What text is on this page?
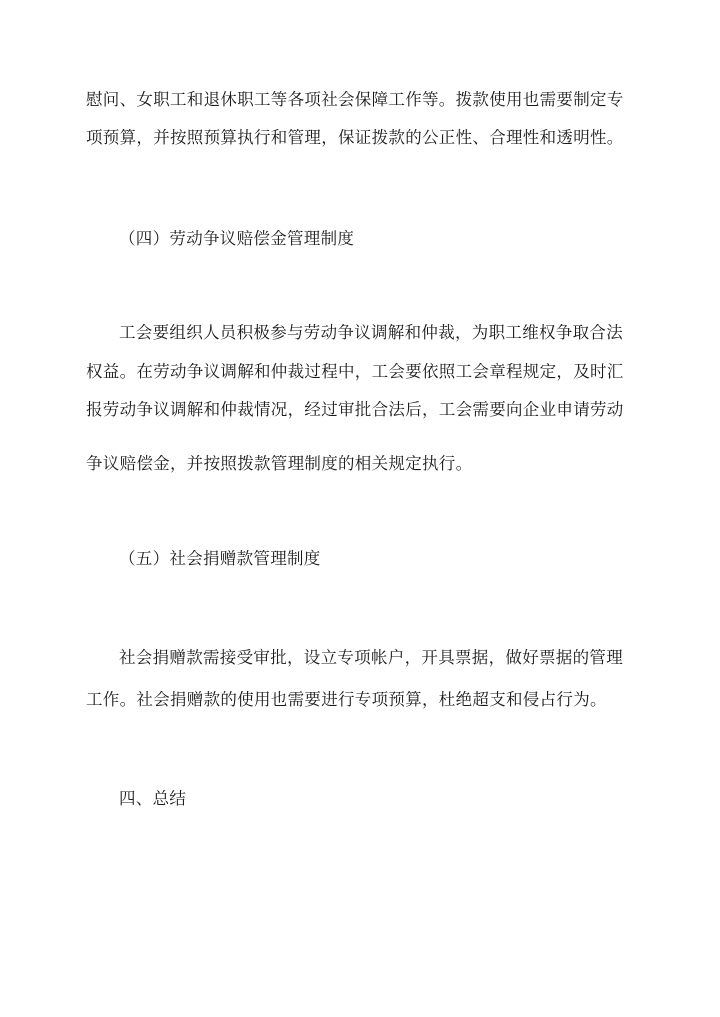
慰问、女职工和退休职工等各项社会保障工作等。拨款使用也需要制定专
项预算，并按照预算执行和管理，保证拨款的公正性、合理性和透明性。
（四）劳动争议赔偿金管理制度
工会要组织人员积极参与劳动争议调解和仲裁，为职工维权争取合法
权益。在劳动争议调解和仲裁过程中，工会要依照工会章程规定，及时汇
报劳动争议调解和仲裁情况，经过审批合法后，工会需要向企业申请劳动
争议赔偿金，并按照拨款管理制度的相关规定执行。
（五）社会捐赠款管理制度
社会捐赠款需接受审批，设立专项帐户，开具票据，做好票据的管理
工作。社会捐赠款的使用也需要进行专项预算，杜绝超支和侵占行为。
四、总结
